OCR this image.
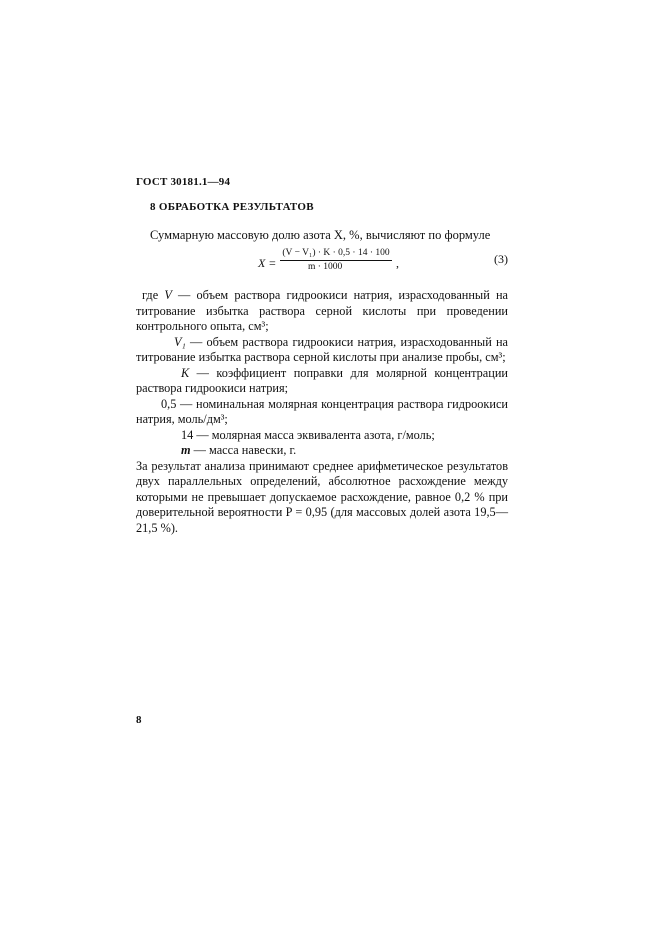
ГОСТ 30181.1—94
8 ОБРАБОТКА РЕЗУЛЬТАТОВ
Суммарную массовую долю азота X, %, вычисляют по формуле
X =
(V − V₁) · K · 0,5 · 14 · 100
m · 1000	,	(3)

где V — объем раствора гидроокиси натрия, израсходованный на титрование избытка раствора серной кислоты при проведении контрольного опыта, см³;

V₁ — объем раствора гидроокиси натрия, израсходованный на титрование избытка раствора серной кислоты при анализе пробы, см³;

K — коэффициент поправки для молярной концентрации раствора гидроокиси натрия;

0,5 — номинальная молярная концентрация раствора гидроокиси натрия, моль/дм³;

14 — молярная масса эквивалента азота, г/моль;

m — масса навески, г.

За результат анализа принимают среднее арифметическое результатов двух параллельных определений, абсолютное расхождение между которыми не превышает допускаемое расхождение, равное 0,2 % при доверительной вероятности P = 0,95 (для массовых долей азота 19,5—21,5 %).

8
